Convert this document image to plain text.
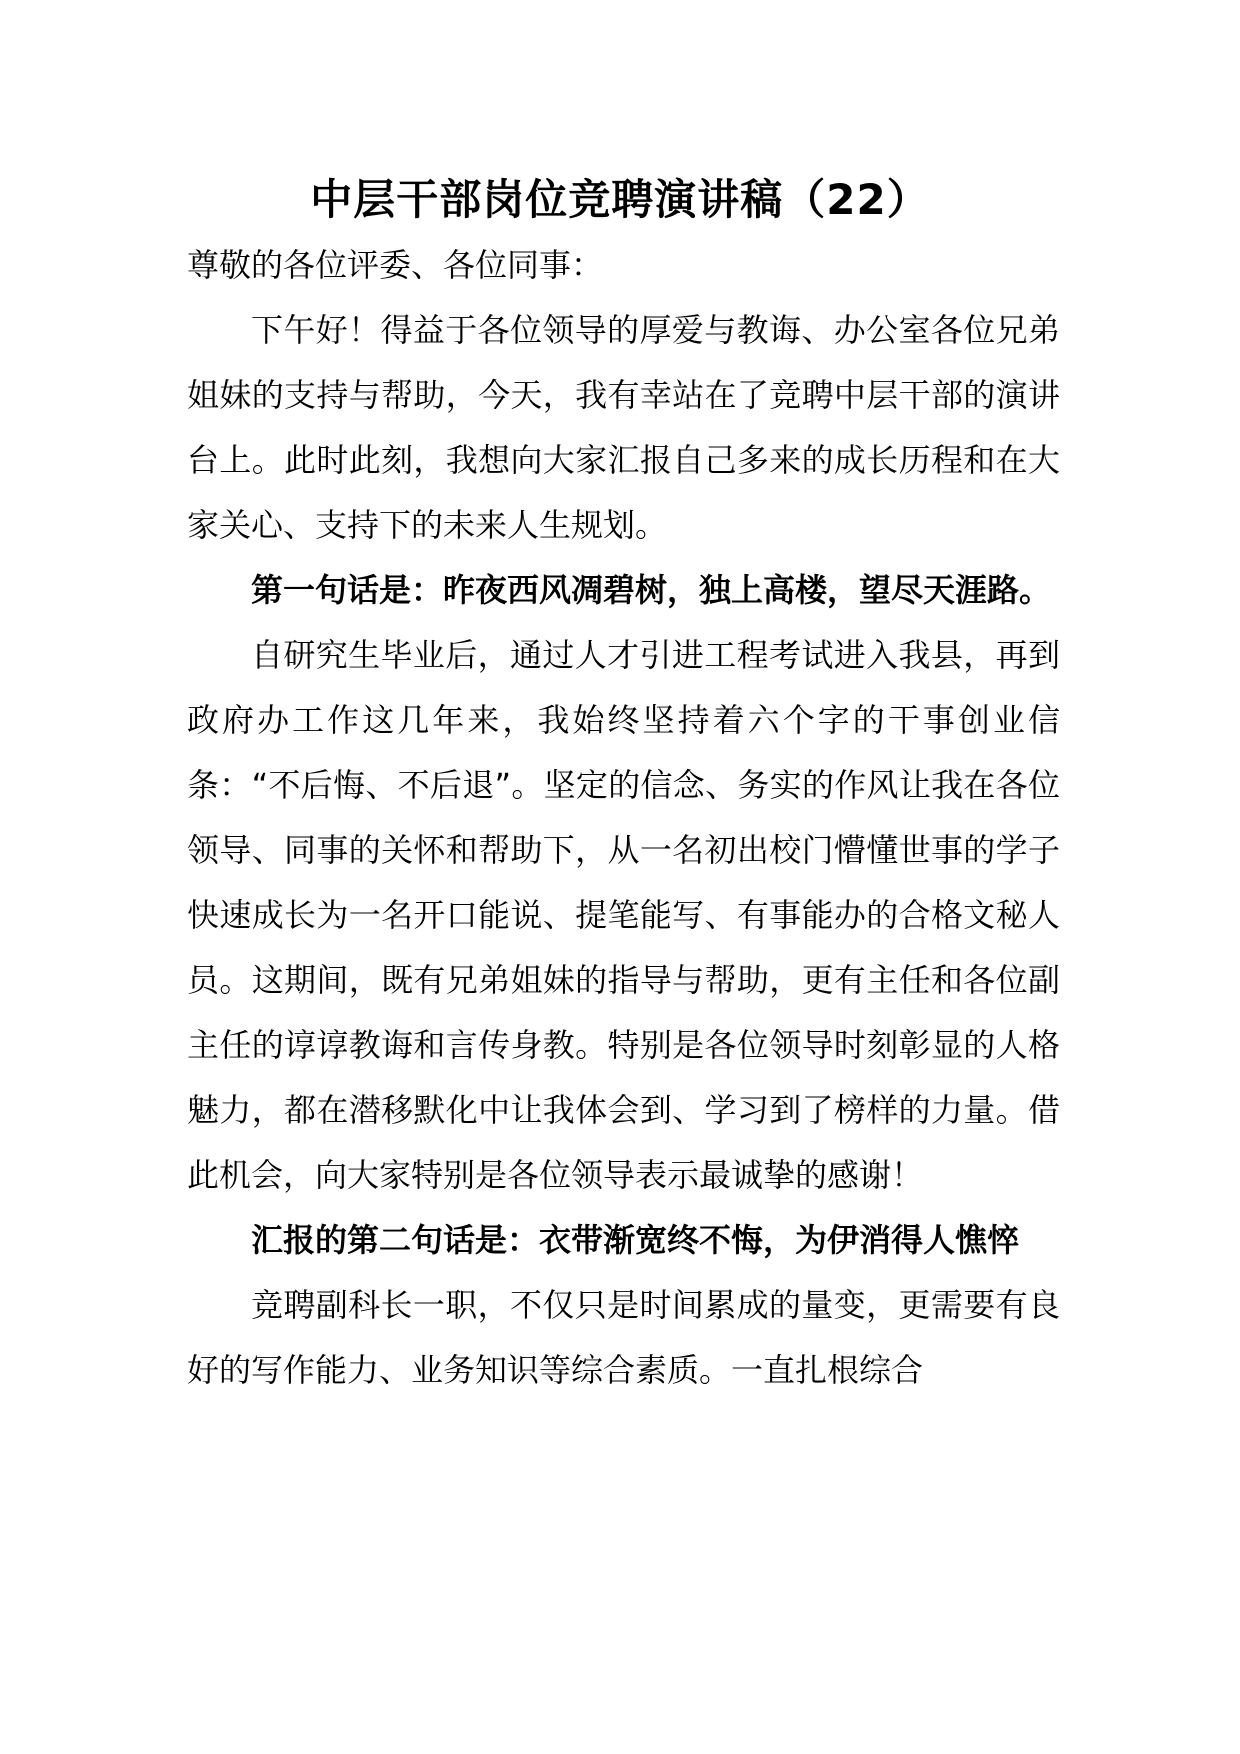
中层干部岗位竞聘演讲稿（22）

尊敬的各位评委、各位同事：

下午好！得益于各位领导的厚爱与教诲、办公室各位兄弟姐妹的支持与帮助，今天，我有幸站在了竞聘中层干部的演讲台上。此时此刻，我想向大家汇报自己多来的成长历程和在大家关心、支持下的未来人生规划。

第一句话是：昨夜西风凋碧树，独上高楼，望尽天涯路。

自研究生毕业后，通过人才引进工程考试进入我县，再到政府办工作这几年来，我始终坚持着六个字的干事创业信条：“不后悔、不后退”。坚定的信念、务实的作风让我在各位领导、同事的关怀和帮助下，从一名初出校门懵懂世事的学子快速成长为一名开口能说、提笔能写、有事能办的合格文秘人员。这期间，既有兄弟姐妹的指导与帮助，更有主任和各位副主任的谆谆教诲和言传身教。特别是各位领导时刻彰显的人格魅力，都在潜移默化中让我体会到、学习到了榜样的力量。借此机会，向大家特别是各位领导表示最诚挚的感谢！

汇报的第二句话是：衣带渐宽终不悔，为伊消得人憔悴

竞聘副科长一职，不仅只是时间累成的量变，更需要有良好的写作能力、业务知识等综合素质。一直扎根综合
